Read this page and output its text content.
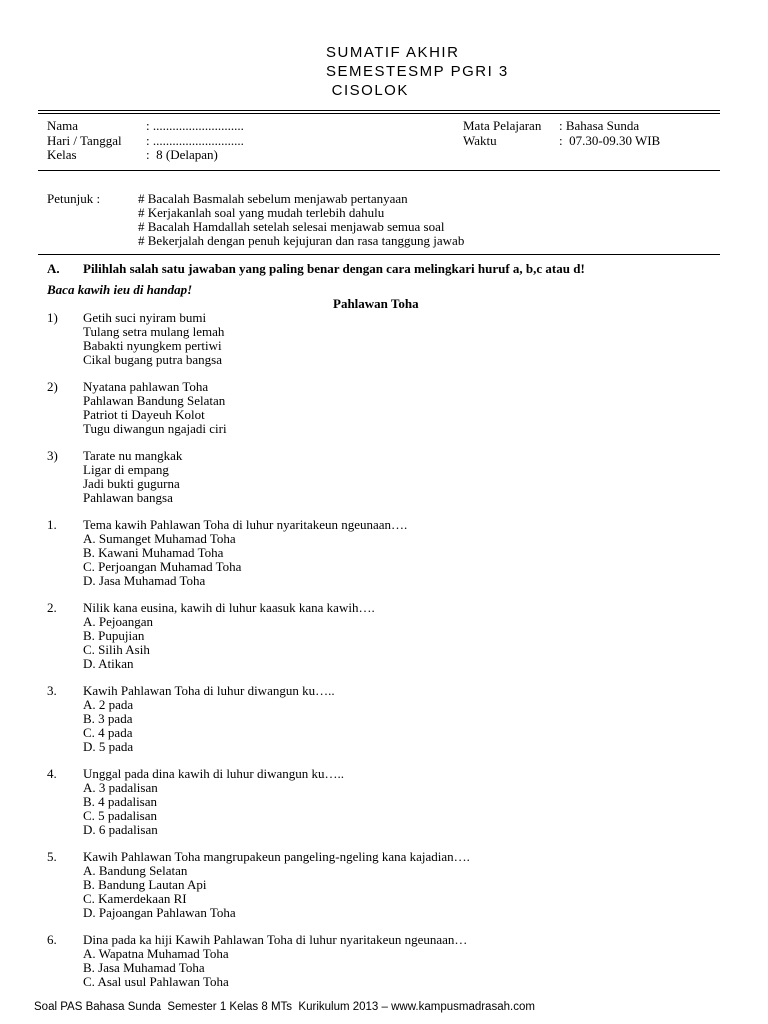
SUMATIF AKHIR
SEMESTESMP PGRI 3
CISOLOK
Nama	: ............................
Hari / Tanggal : ............................
Kelas	:  8 (Delapan)
Mata Pelajaran : Bahasa Sunda
Waktu	:  07.30-09.30 WIB
Petunjuk :	# Bacalah Basmalah sebelum menjawab pertanyaan
# Kerjakanlah soal yang mudah terlebih dahulu
# Bacalah Hamdallah setelah selesai menjawab semua soal
# Bekerjalah dengan penuh kejujuran dan rasa tanggung jawab
A. Pilihlah salah satu jawaban yang paling benar dengan cara melingkari huruf a, b,c atau d!
Baca kawih ieu di handap!
Pahlawan Toha
1) Getih suci nyiram bumi
Tulang setra mulang lemah
Babakti nyungkem pertiwi
Cikal bugang putra bangsa
2) Nyatana pahlawan Toha
Pahlawan Bandung Selatan
Patriot ti Dayeuh Kolot
Tugu diwangun ngajadi ciri
3) Tarate nu mangkak
Ligar di empang
Jadi bukti gugurna
Pahlawan bangsa
1. Tema kawih Pahlawan Toha di luhur nyaritakeun ngeunaan….
A. Sumanget Muhamad Toha
B. Kawani Muhamad Toha
C. Perjoangan Muhamad Toha
D. Jasa Muhamad Toha
2. Nilik kana eusina, kawih di luhur kaasuk kana kawih….
A. Pejoangan
B. Pupujian
C. Silih Asih
D. Atikan
3. Kawih Pahlawan Toha di luhur diwangun ku…..
A. 2 pada
B. 3 pada
C. 4 pada
D. 5 pada
4. Unggal pada dina kawih di luhur diwangun ku…..
A. 3 padalisan
B. 4 padalisan
C. 5 padalisan
D. 6 padalisan
5. Kawih Pahlawan Toha mangrupakeun pangeling-ngeling kana kajadian….
A. Bandung Selatan
B. Bandung Lautan Api
C. Kamerdekaan RI
D. Pajoangan Pahlawan Toha
6. Dina pada ka hiji Kawih Pahlawan Toha di luhur nyaritakeun ngeunaan…
A. Wapatna Muhamad Toha
B. Jasa Muhamad Toha
C. Asal usul Pahlawan Toha
Soal PAS Bahasa Sunda  Semester 1 Kelas 8 MTs  Kurikulum 2013 – www.kampusmadrasah.com
